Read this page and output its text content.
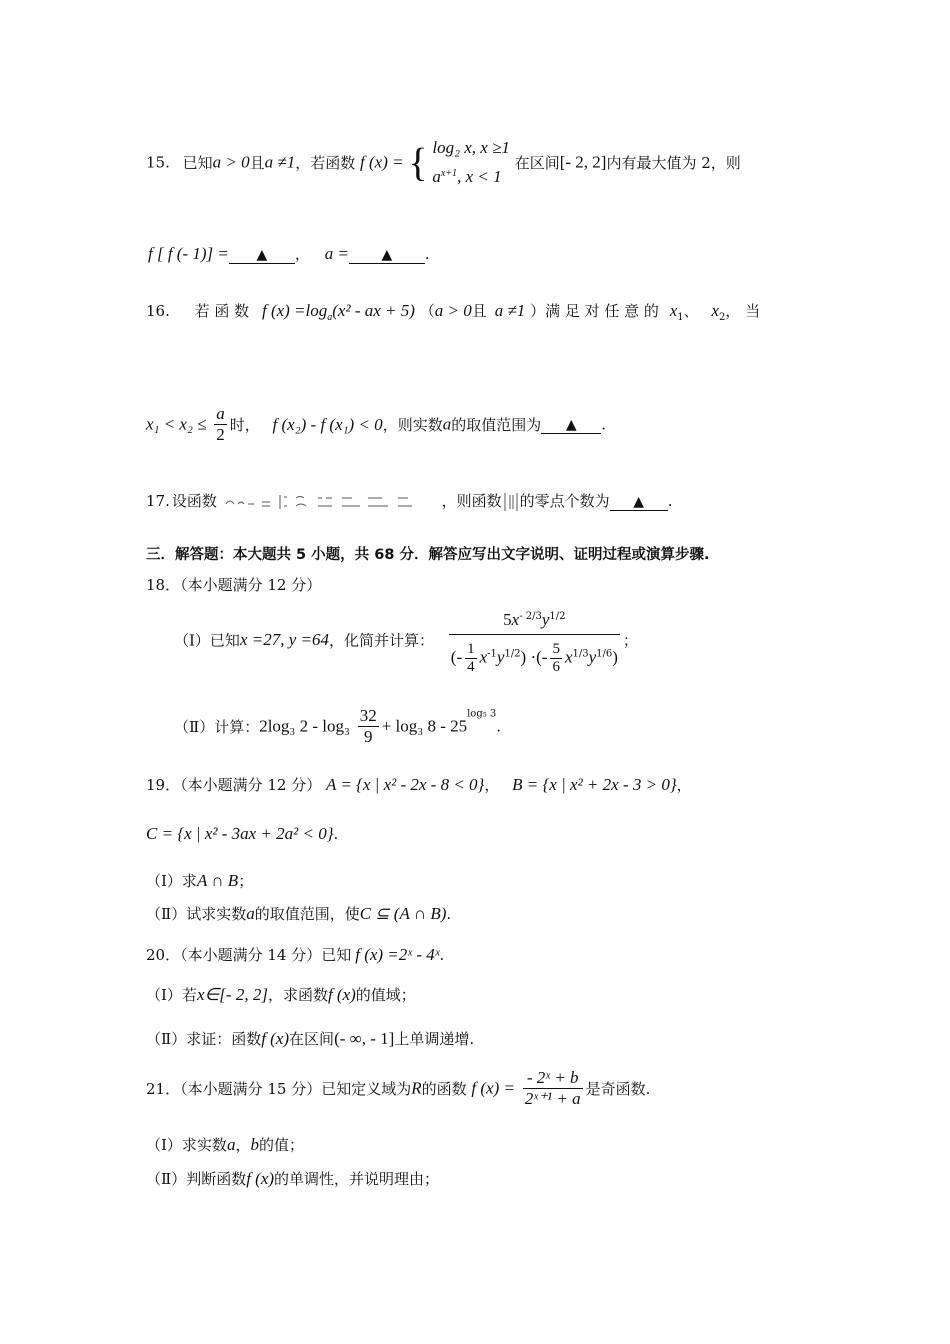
15. 已知a > 0且a ≠1，若函数 f (x) = { log₂ x, x ≥1
$a^{x+1}$, x < 1
在区间[- 2, 2]内有最大值为 2，则
f [ f (- 1)] = ▲ ， a = ▲ .
16. 若 函 数 f $(x) =\log_a(x^2$ - ax + 5) （a > 0且 a ≠1 ）满 足 对 任 意 的 $x_1$、 $x_2$， 当
$x_1 < x_2 \le \frac{a}{2}$ 时， f (x₂) - f (x₁) < 0，则实数a的取值范围为 ▲ .
17. 设函数	，则函数 的零点个数为 ▲ .
三．解答题：本大题共 5 小题，共 68 分．解答应写出文字说明、证明过程或演算步骤.
18．（本小题满分 12 分）
（Ⅰ）已知x =27, y =64，化简并计算： $\frac{5x^{- 2/3}y^{1/2}}{(- \frac{1}{4} x^{-1}y^{1/2}) \cdot(- \frac{5}{6} x^{1/3}y^{1/6})}$ ；
（Ⅱ）计算：2log₃ $2 - \log_3 \frac{32}{9} + \log_3$ $8 - 25^{log_5 3}$.
19．（本小题满分 12 分） A = {x | x² - 2x - 8 < 0}， B = {x | x² + 2x - 3 > 0}，
C = {x | x² - 3ax + 2a² < 0}.
（Ⅰ）求A ∩ B；
（Ⅱ）试求实数a的取值范围，使C ⊆ (A ∩ B).
20．（本小题满分 14 分）已知 f (x) =2ˣ - 4ˣ.
（Ⅰ）若x∈[- 2, 2]，求函数f (x)的值域；
（Ⅱ）求证：函数f (x)在区间(- ∞, - 1]上单调递增.
21．（本小题满分 15 分）已知定义域为R的函数 f $(x) = \frac{\text{- 2ˣ + b}}{\text{2ˣ⁺¹ + a}}$ 是奇函数.
（Ⅰ）求实数a，b的值；
（Ⅱ）判断函数f (x)的单调性，并说明理由；
